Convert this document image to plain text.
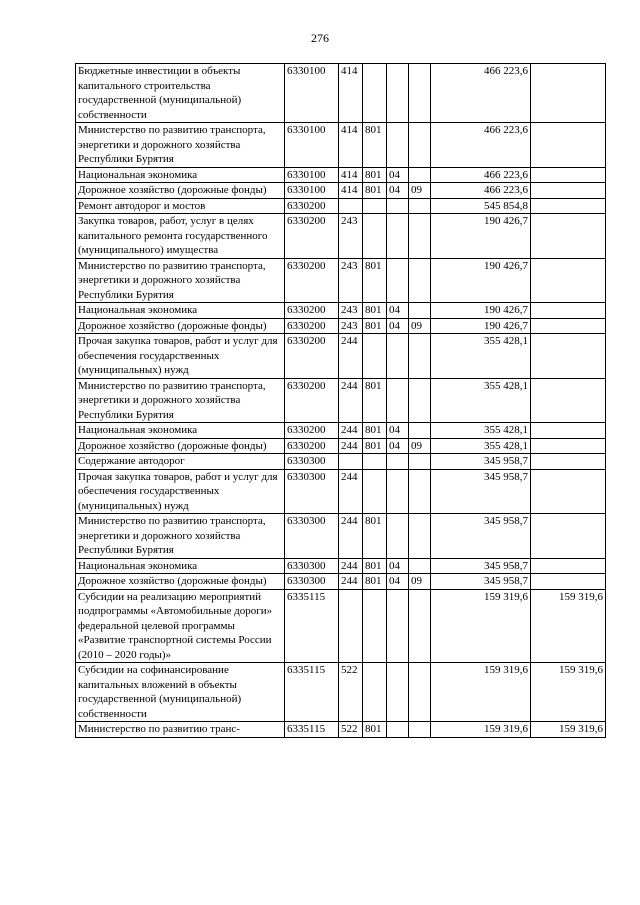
276
Бюджетные инвестиции в объекты капитального строительства государственной (муниципальной) собственности	6330100	414				466 223,6	
Министерство по развитию транспорта, энергетики и дорожного хозяйства Республики Бурятия	6330100	414	801			466 223,6	
Национальная экономика	6330100	414	801	04		466 223,6	
Дорожное хозяйство (дорожные фонды)	6330100	414	801	04	09	466 223,6	
Ремонт автодорог и мостов	6330200					545 854,8	
Закупка товаров, работ, услуг в целях капитального ремонта государственного (муниципального) имущества	6330200	243				190 426,7	
Министерство по развитию транспорта, энергетики и дорожного хозяйства Республики Бурятия	6330200	243	801			190 426,7	
Национальная экономика	6330200	243	801	04		190 426,7	
Дорожное хозяйство (дорожные фонды)	6330200	243	801	04	09	190 426,7	
Прочая закупка товаров, работ и услуг для обеспечения государственных (муниципальных) нужд	6330200	244				355 428,1	
Министерство по развитию транспорта, энергетики и дорожного хозяйства Республики Бурятия	6330200	244	801			355 428,1	
Национальная экономика	6330200	244	801	04		355 428,1	
Дорожное хозяйство (дорожные фонды)	6330200	244	801	04	09	355 428,1	
Содержание автодорог	6330300					345 958,7	
Прочая закупка товаров, работ и услуг для обеспечения государственных (муниципальных) нужд	6330300	244				345 958,7	
Министерство по развитию транспорта, энергетики и дорожного хозяйства Республики Бурятия	6330300	244	801			345 958,7	
Национальная экономика	6330300	244	801	04		345 958,7	
Дорожное хозяйство (дорожные фонды)	6330300	244	801	04	09	345 958,7	
Субсидии на реализацию мероприятий подпрограммы «Автомобильные дороги» федеральной целевой программы «Развитие транспортной системы России (2010 – 2020 годы)»	6335115					159 319,6	159 319,6
Субсидии на софинансирование капитальных вложений в объекты государственной (муниципальной) собственности	6335115	522				159 319,6	159 319,6
Министерство по развитию транс-	6335115	522	801			159 319,6	159 319,6
